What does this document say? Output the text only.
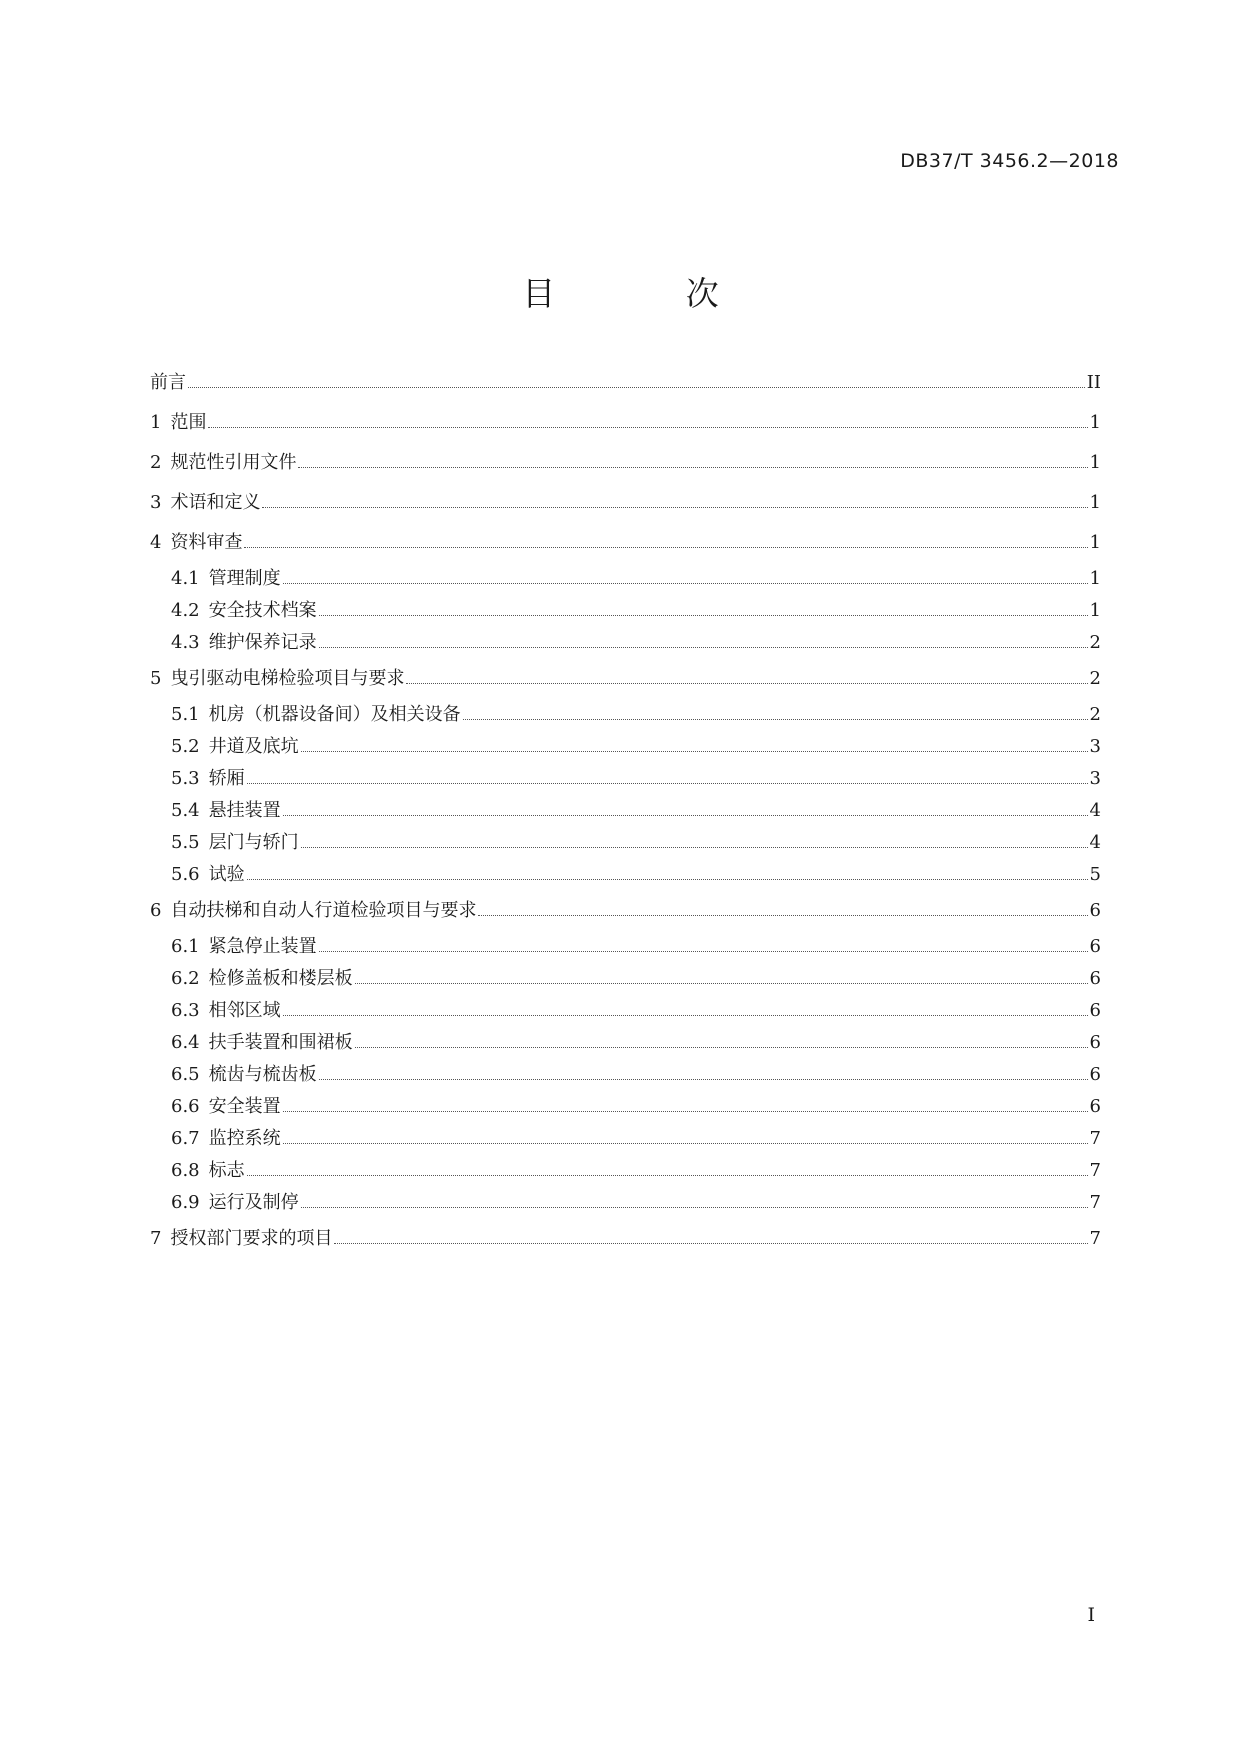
DB37/T 3456.2—2018
目 次
前言	II
1 范围	1
2 规范性引用文件	1
3 术语和定义	1
4 资料审查	1
4.1 管理制度	1
4.2 安全技术档案	1
4.3 维护保养记录	2
5 曳引驱动电梯检验项目与要求	2
5.1 机房（机器设备间）及相关设备	2
5.2 井道及底坑	3
5.3 轿厢	3
5.4 悬挂装置	4
5.5 层门与轿门	4
5.6 试验	5
6 自动扶梯和自动人行道检验项目与要求	6
6.1 紧急停止装置	6
6.2 检修盖板和楼层板	6
6.3 相邻区域	6
6.4 扶手装置和围裙板	6
6.5 梳齿与梳齿板	6
6.6 安全装置	6
6.7 监控系统	7
6.8 标志	7
6.9 运行及制停	7
7 授权部门要求的项目	7
I
